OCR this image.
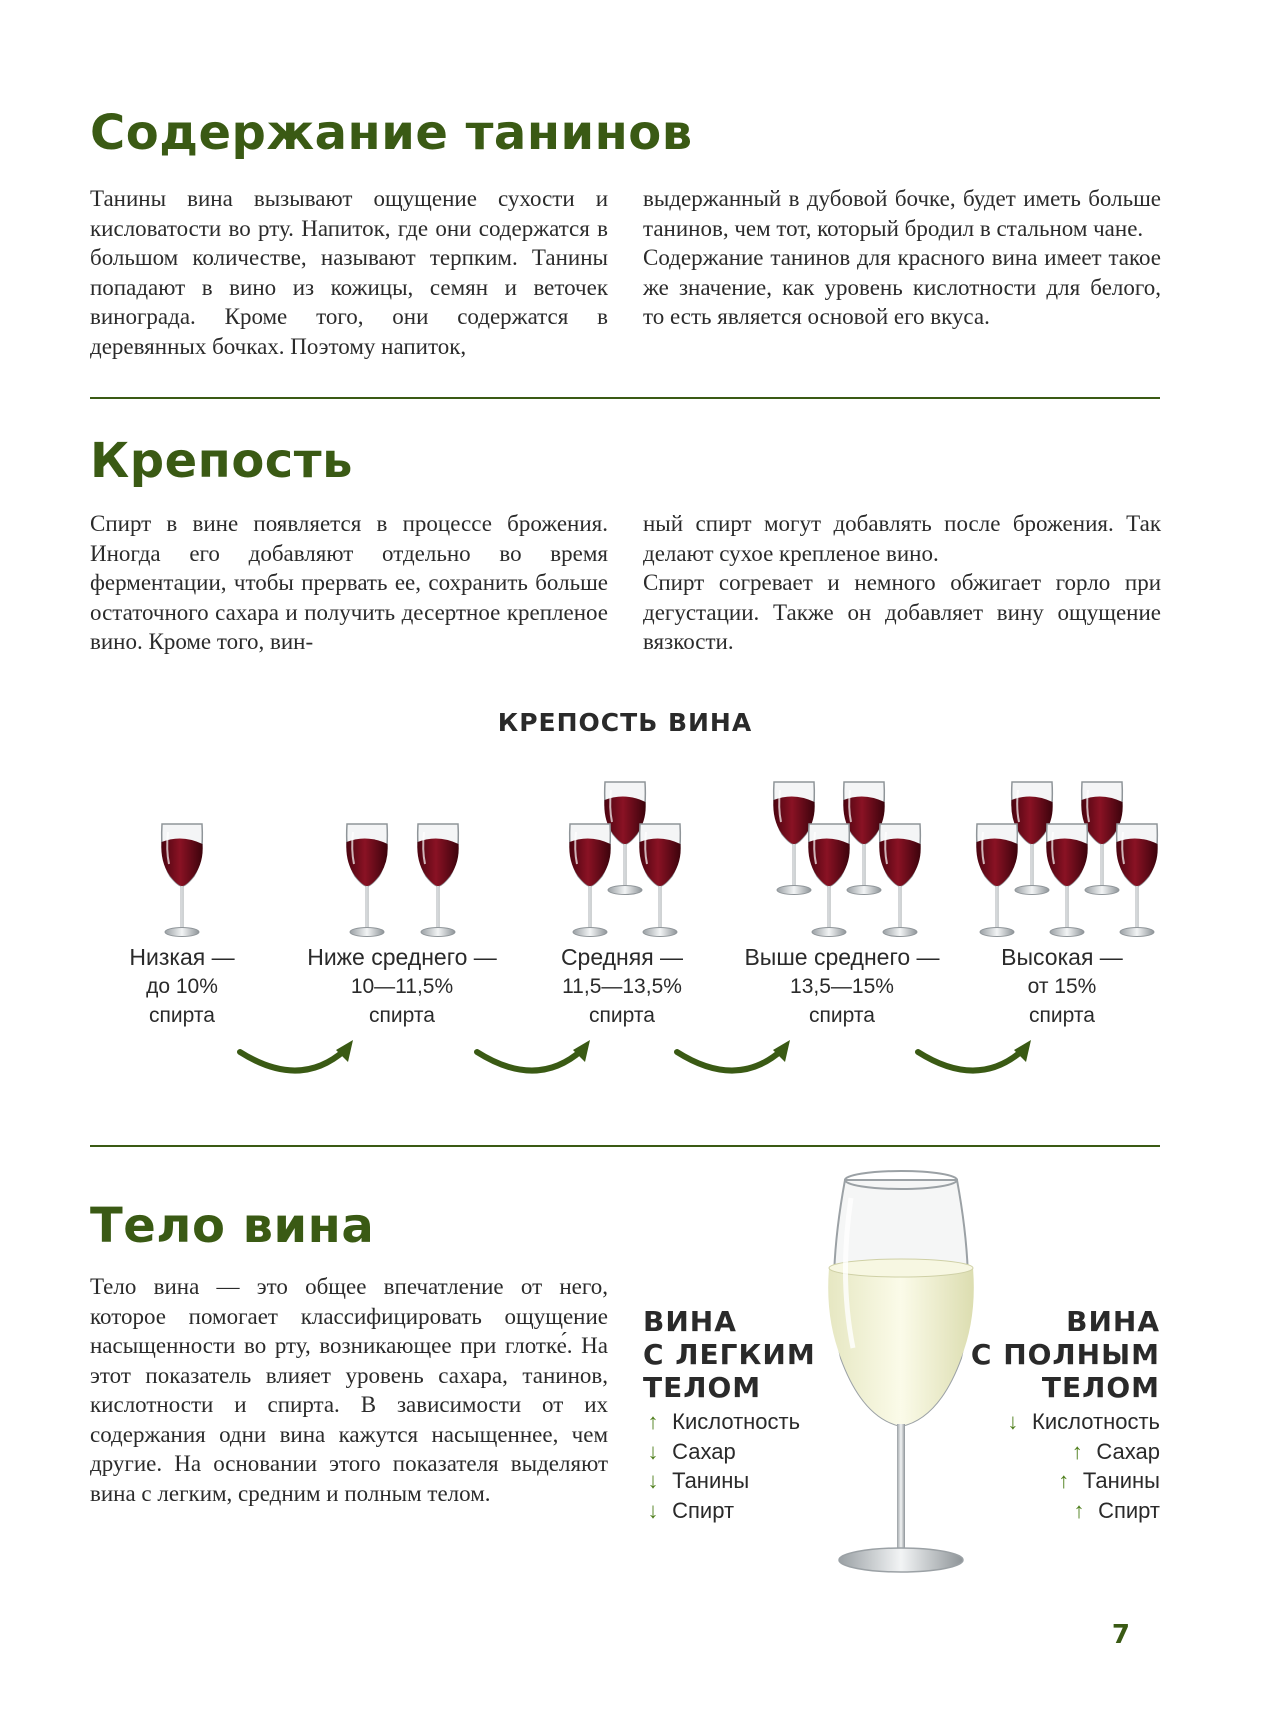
Содержание танинов

Танины вина вызывают ощущение сухости и кисловатости во рту. Напиток, где они содержатся в большом количестве, называют терпким. Танины попадают в вино из кожицы, семян и веточек винограда. Кроме того, они содержатся в деревянных бочках. Поэтому напиток,

выдержанный в дубовой бочке, будет иметь больше танинов, чем тот, который бродил в стальном чане.

Содержание танинов для красного вина имеет такое же значение, как уровень кислотности для белого, то есть является основой его вкуса.

Крепость

Спирт в вине появляется в процессе брожения. Иногда его добавляют отдельно во время ферментации, чтобы прервать ее, сохранить больше остаточного сахара и получить десертное крепленое вино. Кроме того, вин-

ный спирт могут добавлять после брожения. Так делают сухое крепленое вино.

Спирт согревает и немного обжигает горло при дегустации. Также он добавляет вину ощущение вязкости.

КРЕПОСТЬ ВИНА
Низкая —
до 10%
спирта
Ниже среднего —
10—11,5%
спирта
Средняя —
11,5—13,5%
спирта
Выше среднего —
13,5—15%
спирта
Высокая —
от 15%
спирта
Тело вина

Тело вина — это общее впечатление от него, которое помогает классифицировать ощущение насыщенности во рту, возникающее при глотке́. На этот показатель влияет уровень сахара, танинов, кислотности и спирта. В зависимости от их содержания одни вина кажутся насыщеннее, чем другие. На основании этого показателя выделяют вина с легким, средним и полным телом.

ВИНА
С ЛЕГКИМ
ТЕЛОМ
↑ Кислотность
↓ Сахар
↓ Танины
↓ Спирт
ВИНА
С ПОЛНЫМ
ТЕЛОМ
↓ Кислотность
↑ Сахар
↑ Танины
↑ Спирт
7
